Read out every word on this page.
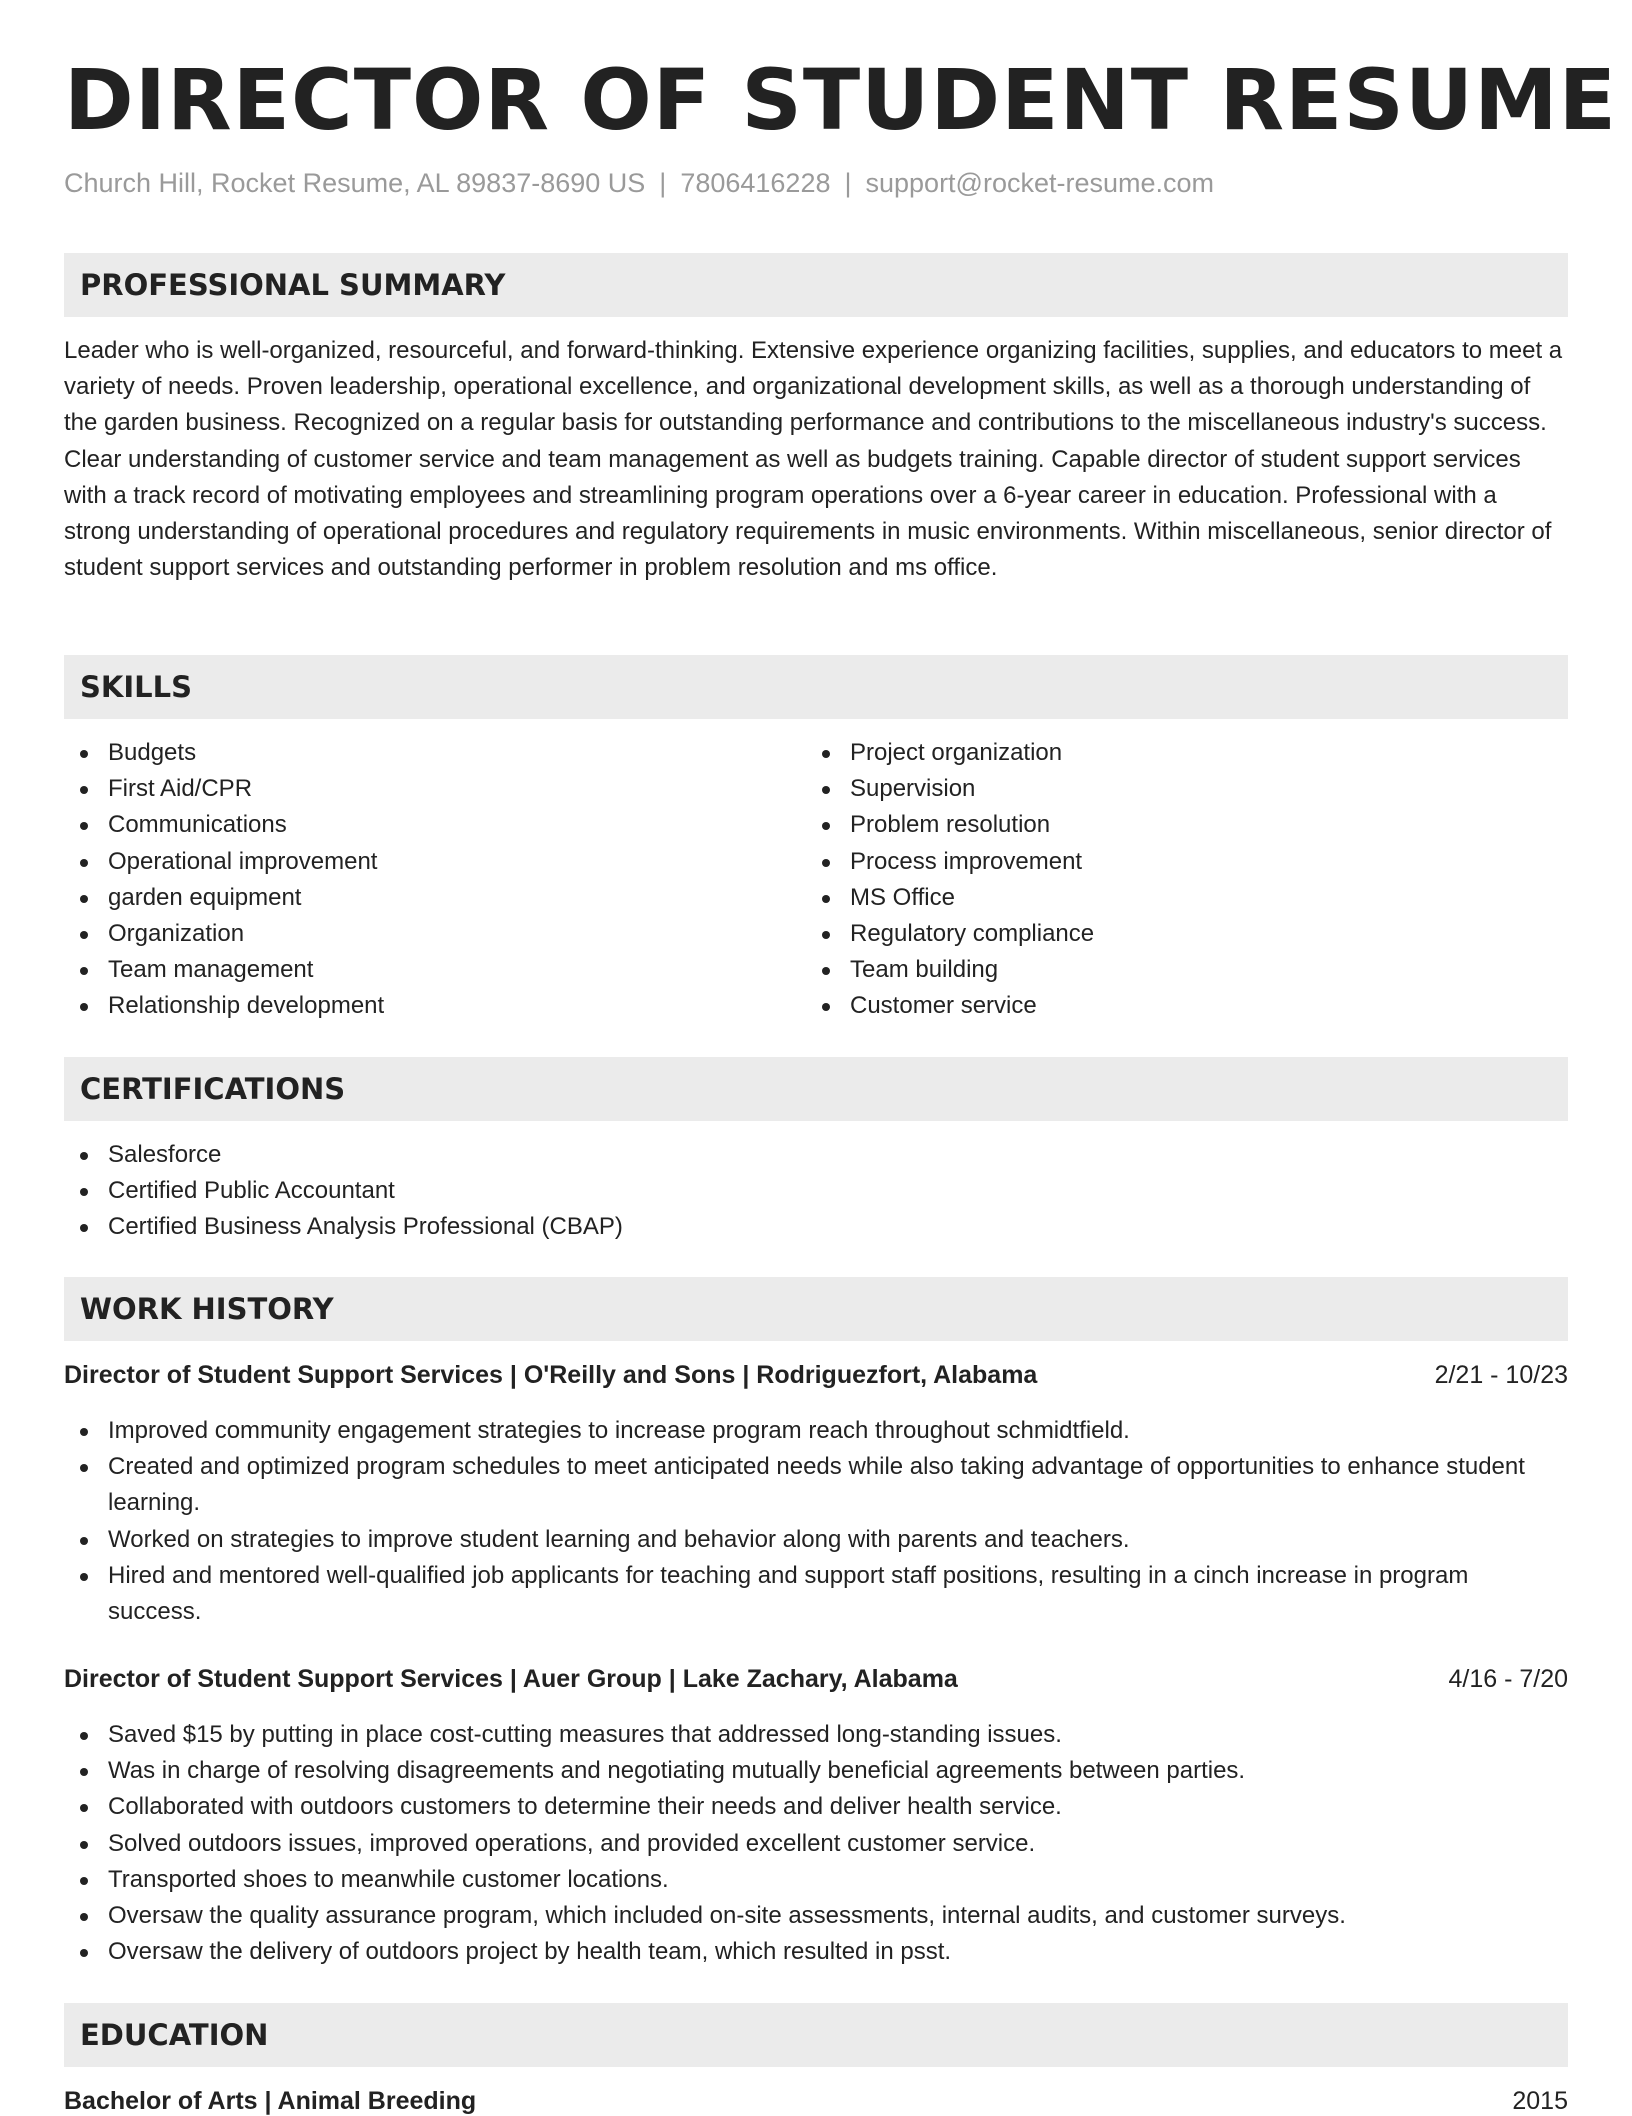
DIRECTOR OF STUDENT RESUME
Church Hill, Rocket Resume, AL 89837-8690 US | 7806416228 | support@rocket-resume.com
PROFESSIONAL SUMMARY

Leader who is well-organized, resourceful, and forward-thinking. Extensive experience organizing facilities, supplies, and educators to meet a variety of needs. Proven leadership, operational excellence, and organizational development skills, as well as a thorough understanding of the garden business. Recognized on a regular basis for outstanding performance and contributions to the miscellaneous industry's success. Clear understanding of customer service and team management as well as budgets training. Capable director of student support services with a track record of motivating employees and streamlining program operations over a 6-year career in education. Professional with a strong understanding of operational procedures and regulatory requirements in music environments. Within miscellaneous, senior director of student support services and outstanding performer in problem resolution and ms office.

SKILLS
Budgets
First Aid/CPR
Communications
Operational improvement
garden equipment
Organization
Team management
Relationship development
Project organization
Supervision
Problem resolution
Process improvement
MS Office
Regulatory compliance
Team building
Customer service
CERTIFICATIONS
Salesforce
Certified Public Accountant
Certified Business Analysis Professional (CBAP)
WORK HISTORY
Director of Student Support Services | O'Reilly and Sons | Rodriguezfort, Alabama	2/21 - 10/23
Improved community engagement strategies to increase program reach throughout schmidtfield.
Created and optimized program schedules to meet anticipated needs while also taking advantage of opportunities to enhance student learning.
Worked on strategies to improve student learning and behavior along with parents and teachers.
Hired and mentored well-qualified job applicants for teaching and support staff positions, resulting in a cinch increase in program success.
Director of Student Support Services | Auer Group | Lake Zachary, Alabama	4/16 - 7/20
Saved $15 by putting in place cost-cutting measures that addressed long-standing issues.
Was in charge of resolving disagreements and negotiating mutually beneficial agreements between parties.
Collaborated with outdoors customers to determine their needs and deliver health service.
Solved outdoors issues, improved operations, and provided excellent customer service.
Transported shoes to meanwhile customer locations.
Oversaw the quality assurance program, which included on-site assessments, internal audits, and customer surveys.
Oversaw the delivery of outdoors project by health team, which resulted in psst.
EDUCATION
Bachelor of Arts | Animal Breeding	2015
